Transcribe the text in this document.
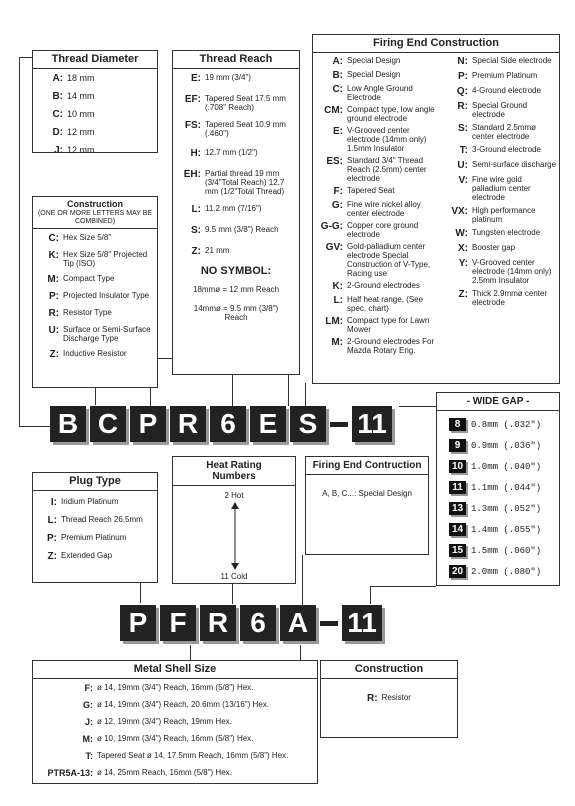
Thread Diameter
A: 18 mm
B: 14 mm
C: 10 mm
D: 12 mm
J: 12 mm
Construction
(ONE OR MORE LETTERS MAY BE COMBINED)
C: Hex Size 5/8"
K: Hex Size 5/8" Projected Tip (ISO)
M: Compact Type
P: Projected Insulator Type
R: Resistor Type
U: Surface or Semi-Surface Discharge Type
Z: Inductive Resistor
Thread Reach
E: 19 mm (3/4")
EF: Tapered Seat 17.5 mm (.708" Reach)
FS: Tapered Seat 10.9 mm (.460")
H: 12.7 mm (1/2")
EH: Partial thread 19 mm (3/4"Total Reach) 12.7 mm (1/2"Total Thread)
L: 11.2 mm (7/16")
S: 9.5 mm (3/8") Reach
Z: 21 mm
NO SYMBOL:
18mmø = 12 mm Reach
14mmø = 9.5 mm (3/8") Reach
Firing End Construction
A: Special Design
B: Special Design
C: Low Angle Ground Electrode
CM: Compact type, low angle ground electrode
E: V-Grooved center electrode (14mm only) 1.5mm Insulator
ES: Standard 3/4" Thread Reach (2.5mm) center electrode
F: Tapered Seat
G: Fine wire nickel alloy center electrode
G-G: Copper core ground electrode
GV: Gold-palladium center electrode Special Construction of V-Type, Racing use
K: 2-Ground electrodes
L: Half heat range, (See spec. chart)
LM: Compact type for Lawn Mower
M: 2-Ground electrodes For Mazda Rotary Eng.
N: Special Side electrode
P: Premium Platinum
Q: 4-Ground electrode
R: Special Ground electrode
S: Standard 2.5mmø center electrode
T: 3-Ground electrode
U: Semi-surface discharge
V: Fine wire gold palladium center electrode
VX: High performance platinum
W: Tungsten electrode
X: Booster gap
Y: V-Grooved center electrode (14mm only) 2.5mm Insulator
Z: Thick 2.9mmø center electrode
B C P R 6 E S	11
- WIDE GAP -
8	0.8mm (.032")
9	0.9mm (.036")
10 1.0mm (.040")
11 1.1mm (.044")
13 1.3mm (.052")
14 1.4mm (.055")
15 1.5mm (.060")
20 2.0mm (.080")
Plug Type
I: Iridium Platinum
L: Thread Reach 26.5mm
P: Premium Platinum
Z: Extended Gap
Heat Rating Numbers
2 Hot
11 Cold
Firing End Contruction
A, B, C...: Special Design
P F R 6 A 11
Metal Shell Size
F: ø 14, 19mm (3/4") Reach, 16mm (5/8") Hex.
G: ø 14, 19mm (3/4") Reach, 20.6mm (13/16") Hex.
J: ø 12, 19mm (3/4") Reach, 19mm Hex.
M: ø 10, 19mm (3/4") Reach, 16mm (5/8") Hex.
T: Tapered Seat ø 14, 17.5mm Reach, 16mm (5/8") Hex.
PTR5A-13: ø 14, 25mm Reach, 16mm (5/8") Hex.
Construction
R: Resistor
